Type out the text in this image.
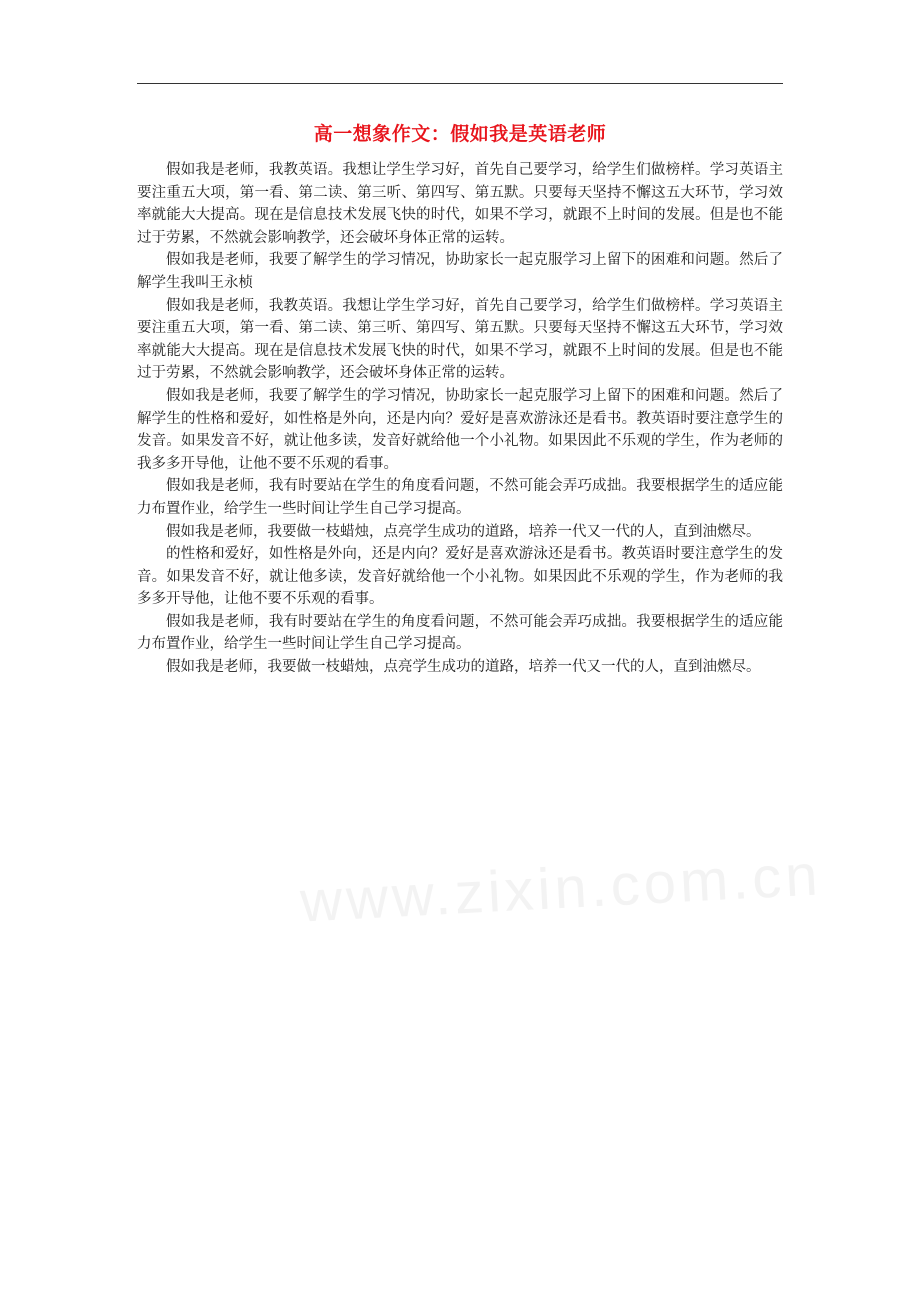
www.zixin.com.cn
高一想象作文：假如我是英语老师

假如我是老师，我教英语。我想让学生学习好，首先自己要学习，给学生们做榜样。学习英语主要注重五大项，第一看、第二读、第三听、第四写、第五默。只要每天坚持不懈这五大环节，学习效率就能大大提高。现在是信息技术发展飞快的时代，如果不学习，就跟不上时间的发展。但是也不能过于劳累，不然就会影响教学，还会破坏身体正常的运转。

假如我是老师，我要了解学生的学习情况，协助家长一起克服学习上留下的困难和问题。然后了解学生我叫王永桢

假如我是老师，我教英语。我想让学生学习好，首先自己要学习，给学生们做榜样。学习英语主要注重五大项，第一看、第二读、第三听、第四写、第五默。只要每天坚持不懈这五大环节，学习效率就能大大提高。现在是信息技术发展飞快的时代，如果不学习，就跟不上时间的发展。但是也不能过于劳累，不然就会影响教学，还会破坏身体正常的运转。

假如我是老师，我要了解学生的学习情况，协助家长一起克服学习上留下的困难和问题。然后了解学生的性格和爱好，如性格是外向，还是内向？爱好是喜欢游泳还是看书。教英语时要注意学生的发音。如果发音不好，就让他多读，发音好就给他一个小礼物。如果因此不乐观的学生，作为老师的我多多开导他，让他不要不乐观的看事。

假如我是老师，我有时要站在学生的角度看问题，不然可能会弄巧成拙。我要根据学生的适应能力布置作业，给学生一些时间让学生自己学习提高。

假如我是老师，我要做一枝蜡烛，点亮学生成功的道路，培养一代又一代的人，直到油燃尽。

的性格和爱好，如性格是外向，还是内向？爱好是喜欢游泳还是看书。教英语时要注意学生的发音。如果发音不好，就让他多读，发音好就给他一个小礼物。如果因此不乐观的学生，作为老师的我多多开导他，让他不要不乐观的看事。

假如我是老师，我有时要站在学生的角度看问题，不然可能会弄巧成拙。我要根据学生的适应能力布置作业，给学生一些时间让学生自己学习提高。

假如我是老师，我要做一枝蜡烛，点亮学生成功的道路，培养一代又一代的人，直到油燃尽。
